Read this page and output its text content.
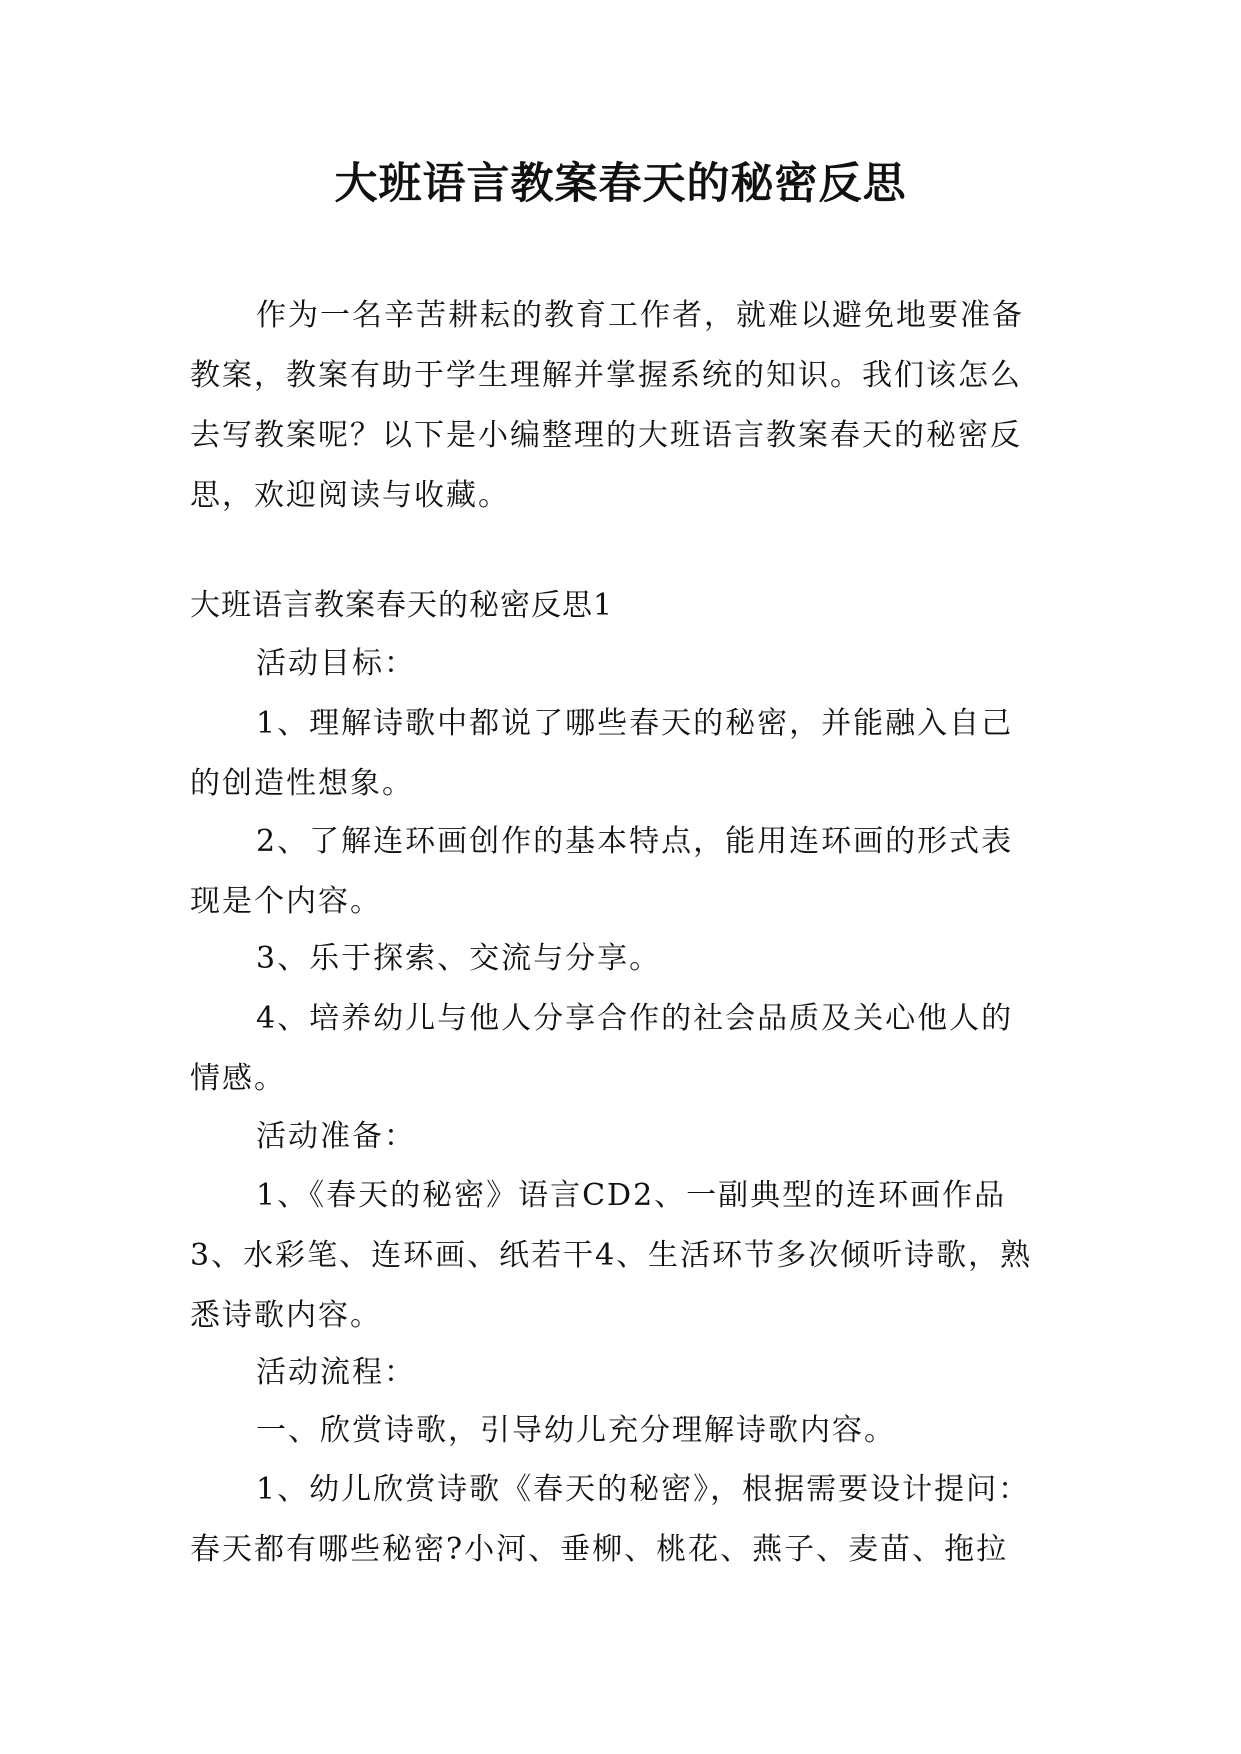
大班语言教案春天的秘密反思

作为一名辛苦耕耘的教育工作者，就难以避免地要准备教案，教案有助于学生理解并掌握系统的知识。我们该怎么去写教案呢？以下是小编整理的大班语言教案春天的秘密反思，欢迎阅读与收藏。

大班语言教案春天的秘密反思1

活动目标：

1、理解诗歌中都说了哪些春天的秘密，并能融入自己的创造性想象。

2、了解连环画创作的基本特点，能用连环画的形式表现是个内容。

3、乐于探索、交流与分享。

4、培养幼儿与他人分享合作的社会品质及关心他人的情感。

活动准备：

1、《春天的秘密》语言CD2、一副典型的连环画作品3、水彩笔、连环画、纸若干4、生活环节多次倾听诗歌，熟悉诗歌内容。

活动流程：

一、欣赏诗歌，引导幼儿充分理解诗歌内容。

1、幼儿欣赏诗歌《春天的秘密》，根据需要设计提问：春天都有哪些秘密?小河、垂柳、桃花、燕子、麦苗、拖拉
